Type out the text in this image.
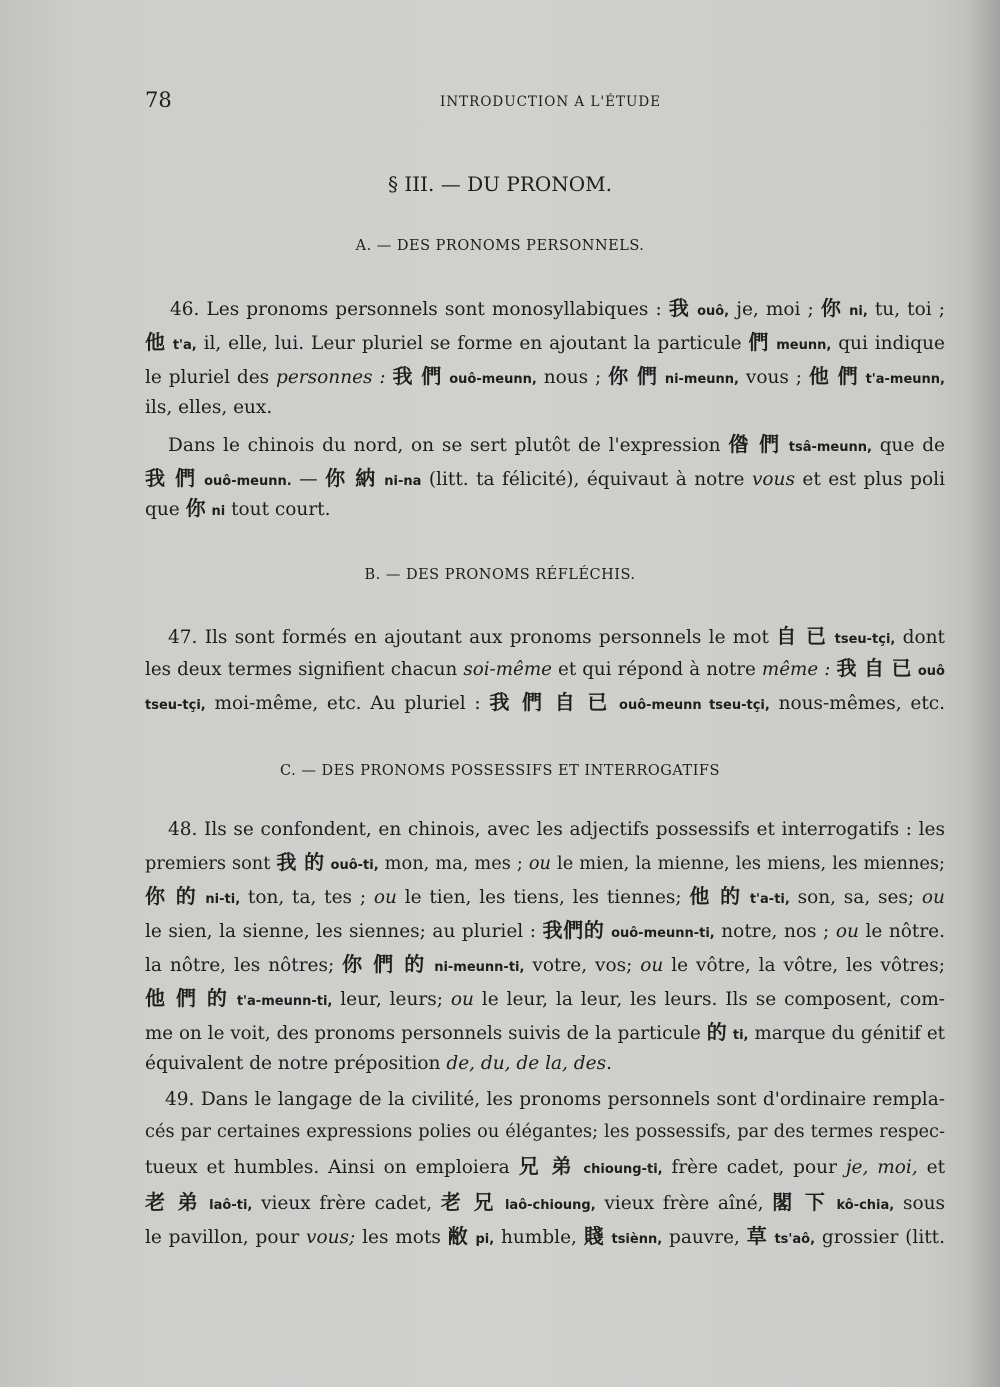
78	INTRODUCTION A L'ÉTUDE
§ III. — DU PRONOM.
A. — DES PRONOMS PERSONNELS.
46. Les pronoms personnels sont monosyllabiques : 我 ouô, je, moi ; 你 ni, tu, toi ;
他 t'a, il, elle, lui. Leur pluriel se forme en ajoutant la particule 們 meunn, qui indique
le pluriel des personnes : 我 們 ouô-meunn, nous ; 你 們 ni-meunn, vous ; 他 們 t'a-meunn,
ils, elles, eux.
Dans le chinois du nord, on se sert plutôt de l'expression 偺 們 tsâ-meunn, que de
我 們 ouô-meunn. — 你 納 ni-na (litt. ta félicité), équivaut à notre vous et est plus poli
que 你 ni tout court.
B. — DES PRONOMS RÉFLÉCHIS.
47. Ils sont formés en ajoutant aux pronoms personnels le mot 自 已 tseu-tçi, dont
les deux termes signifient chacun soi-même et qui répond à notre même : 我 自 已 ouô
tseu-tçi, moi-même, etc. Au pluriel : 我 們 自 已 ouô-meunn tseu-tçi, nous-mêmes, etc.
C. — DES PRONOMS POSSESSIFS ET INTERROGATIFS
48. Ils se confondent, en chinois, avec les adjectifs possessifs et interrogatifs : les
premiers sont 我 的 ouô-ti, mon, ma, mes ; ou le mien, la mienne, les miens, les miennes;
你 的 ni-ti, ton, ta, tes ; ou le tien, les tiens, les tiennes; 他 的 t'a-ti, son, sa, ses; ou
le sien, la sienne, les siennes; au pluriel : 我們的 ouô-meunn-ti, notre, nos ; ou le nôtre.
la nôtre, les nôtres; 你 們 的 ni-meunn-ti, votre, vos; ou le vôtre, la vôtre, les vôtres;
他 們 的 t'a-meunn-ti, leur, leurs; ou le leur, la leur, les leurs. Ils se composent, com-
me on le voit, des pronoms personnels suivis de la particule 的 ti, marque du génitif et
équivalent de notre préposition de, du, de la, des.
49. Dans le langage de la civilité, les pronoms personnels sont d'ordinaire rempla-
cés par certaines expressions polies ou élégantes; les possessifs, par des termes respec-
tueux et humbles. Ainsi on emploiera 兄 弟 chioung-ti, frère cadet, pour je, moi, et
老 弟 laô-ti, vieux frère cadet, 老 兄 laô-chioung, vieux frère aîné, 閣 下 kô-chia, sous
le pavillon, pour vous; les mots 敝 pi, humble, 賤 tsiènn, pauvre, 草 ts'aô, grossier (litt.
